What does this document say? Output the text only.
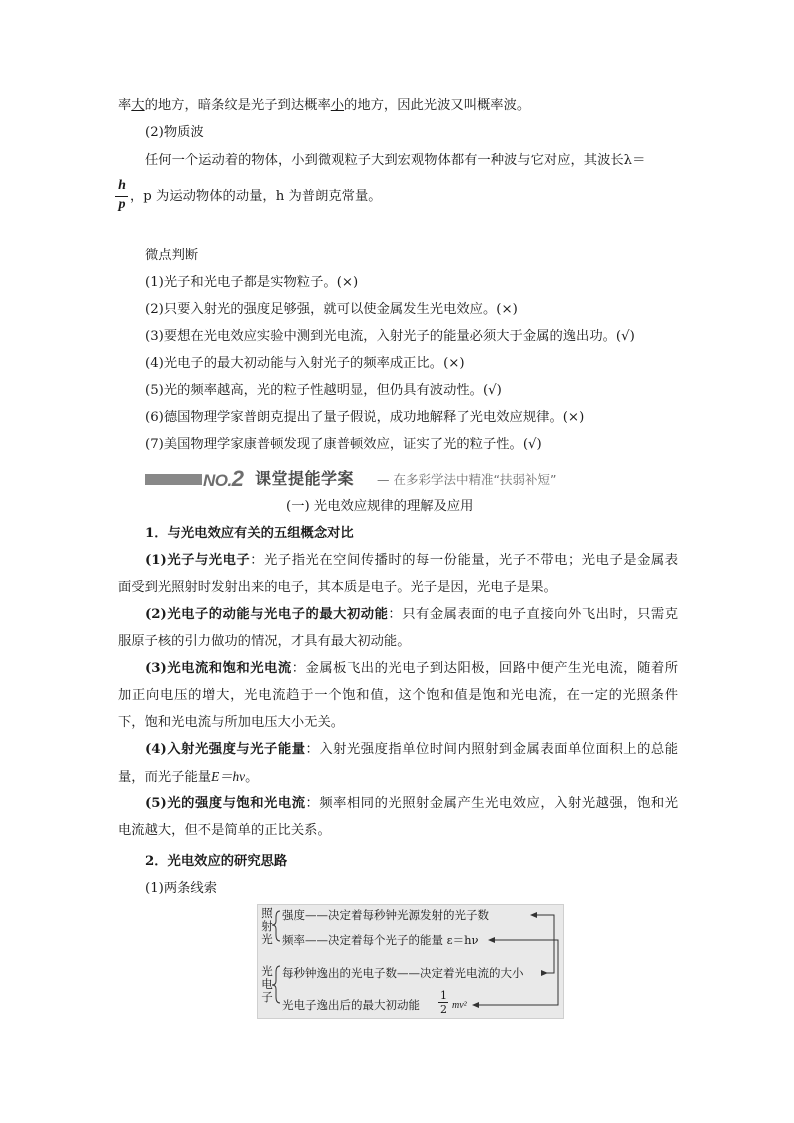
率大的地方，暗条纹是光子到达概率小的地方，因此光波又叫概率波。
(2)物质波
任何一个运动着的物体，小到微观粒子大到宏观物体都有一种波与它对应，其波长λ＝
h
p
，p 为运动物体的动量，h 为普朗克常量。
微点判断
(1)光子和光电子都是实物粒子。(×)
(2)只要入射光的强度足够强，就可以使金属发生光电效应。(×)
(3)要想在光电效应实验中测到光电流，入射光子的能量必须大于金属的逸出功。(√)
(4)光电子的最大初动能与入射光子的频率成正比。(×)
(5)光的频率越高，光的粒子性越明显，但仍具有波动性。(√)
(6)德国物理学家普朗克提出了量子假说，成功地解释了光电效应规律。(×)
(7)美国物理学家康普顿发现了康普顿效应，证实了光的粒子性。(√)
NO.2 课堂提能学案 — 在多彩学法中精准“扶弱补短”
(一) 光电效应规律的理解及应用
1．与光电效应有关的五组概念对比
(1)光子与光电子：光子指光在空间传播时的每一份能量，光子不带电；光电子是金属表
面受到光照射时发射出来的电子，其本质是电子。光子是因，光电子是果。
(2)光电子的动能与光电子的最大初动能：只有金属表面的电子直接向外飞出时，只需克
服原子核的引力做功的情况，才具有最大初动能。
(3)光电流和饱和光电流：金属板飞出的光电子到达阳极，回路中便产生光电流，随着所
加正向电压的增大，光电流趋于一个饱和值，这个饱和值是饱和光电流，在一定的光照条件
下，饱和光电流与所加电压大小无关。
(4)入射光强度与光子能量：入射光强度指单位时间内照射到金属表面单位面积上的总能
量，而光子能量E＝hν。
(5)光的强度与饱和光电流：频率相同的光照射金属产生光电效应，入射光越强，饱和光
电流越大，但不是简单的正比关系。
2．光电效应的研究思路
(1)两条线索
照
射
光
光
电
子
强度——决定着每秒钟光源发射的光子数
频率——决定着每个光子的能量 ε＝hν
每秒钟逸出的光电子数——决定着光电流的大小
光电子逸出后的最大初动能
1
2 mv²
